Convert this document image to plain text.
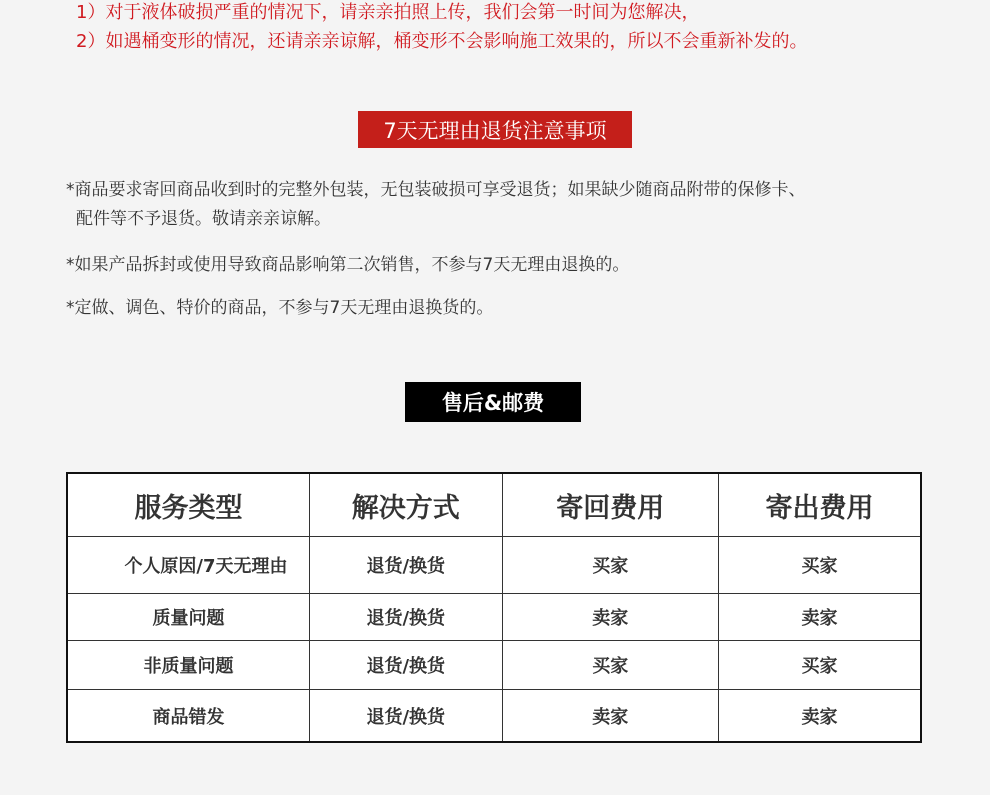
1）对于液体破损严重的情况下，请亲亲拍照上传，我们会第一时间为您解决，
2）如遇桶变形的情况，还请亲亲谅解，桶变形不会影响施工效果的，所以不会重新补发的。
7天无理由退货注意事项
*商品要求寄回商品收到时的完整外包装，无包装破损可享受退货；如果缺少随商品附带的保修卡、
配件等不予退货。敬请亲亲谅解。
*如果产品拆封或使用导致商品影响第二次销售，不参与7天无理由退换的。
*定做、调色、特价的商品，不参与7天无理由退换货的。
售后&邮费
服务类型	解决方式	寄回费用	寄出费用
个人原因/7天无理由	退货/换货	买家	买家
质量问题	退货/换货	卖家	卖家
非质量问题	退货/换货	买家	买家
商品错发	退货/换货	卖家	卖家
